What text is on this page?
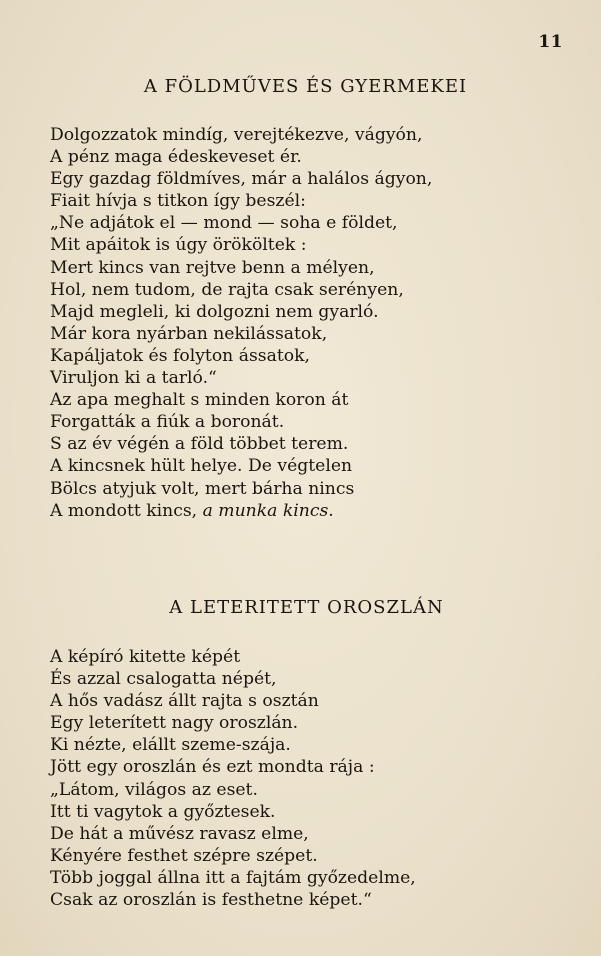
11
A FÖLDMŰVES ÉS GYERMEKEI
Dolgozzatok mindíg, verejtékezve, vágyón,
A pénz maga édeskeveset ér.
Egy gazdag földmíves, már a halálos ágyon,
Fiait hívja s titkon így beszél:
„Ne adjátok el — mond — soha e földet,
Mit apáitok is úgy örököltek :
Mert kincs van rejtve benn a mélyen,
Hol, nem tudom, de rajta csak serényen,
Majd megleli, ki dolgozni nem gyarló.
Már kora nyárban nekilássatok,
Kapáljatok és folyton ássatok,
Viruljon ki a tarló.“
Az apa meghalt s minden koron át
Forgatták a fiúk a boronát.
S az év végén a föld többet terem.
A kincsnek hült helye. De végtelen
Bölcs atyjuk volt, mert bárha nincs
A mondott kincs, a munka kincs.
A LETERITETT OROSZLÁN
A képíró kitette képét
És azzal csalogatta népét,
A hős vadász állt rajta s osztán
Egy leterített nagy oroszlán.
Ki nézte, elállt szeme-szája.
Jött egy oroszlán és ezt mondta rája :
„Látom, világos az eset.
Itt ti vagytok a győztesek.
De hát a művész ravasz elme,
Kényére festhet szépre szépet.
Több joggal állna itt a fajtám győzedelme,
Csak az oroszlán is festhetne képet.“
